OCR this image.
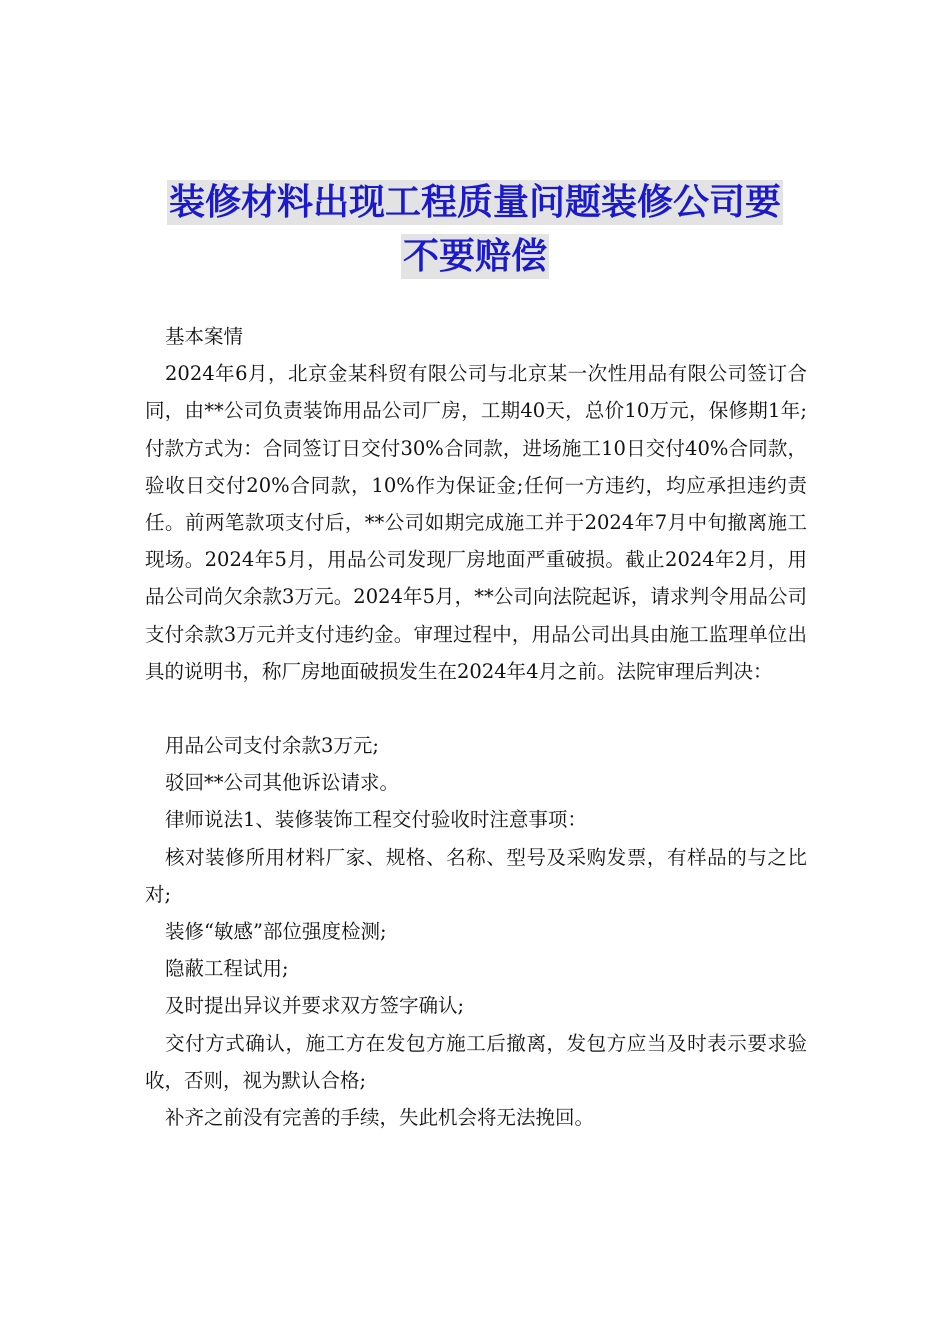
装修材料出现工程质量问题装修公司要
不要赔偿

基本案情

2024年6月，北京金某科贸有限公司与北京某一次性用品有限公司签订合同，由**公司负责装饰用品公司厂房，工期40天，总价10万元，保修期1年;付款方式为：合同签订日交付30%合同款，进场施工10日交付40%合同款，验收日交付20%合同款，10%作为保证金;任何一方违约，均应承担违约责任。前两笔款项支付后，**公司如期完成施工并于2024年7月中旬撤离施工现场。2024年5月，用品公司发现厂房地面严重破损。截止2024年2月，用品公司尚欠余款3万元。2024年5月，**公司向法院起诉，请求判令用品公司支付余款3万元并支付违约金。审理过程中，用品公司出具由施工监理单位出具的说明书，称厂房地面破损发生在2024年4月之前。法院审理后判决：

用品公司支付余款3万元;

驳回**公司其他诉讼请求。

律师说法1、装修装饰工程交付验收时注意事项：

核对装修所用材料厂家、规格、名称、型号及采购发票，有样品的与之比对;

装修“敏感”部位强度检测;

隐蔽工程试用;

及时提出异议并要求双方签字确认;

交付方式确认，施工方在发包方施工后撤离，发包方应当及时表示要求验收，否则，视为默认合格;

补齐之前没有完善的手续，失此机会将无法挽回。
